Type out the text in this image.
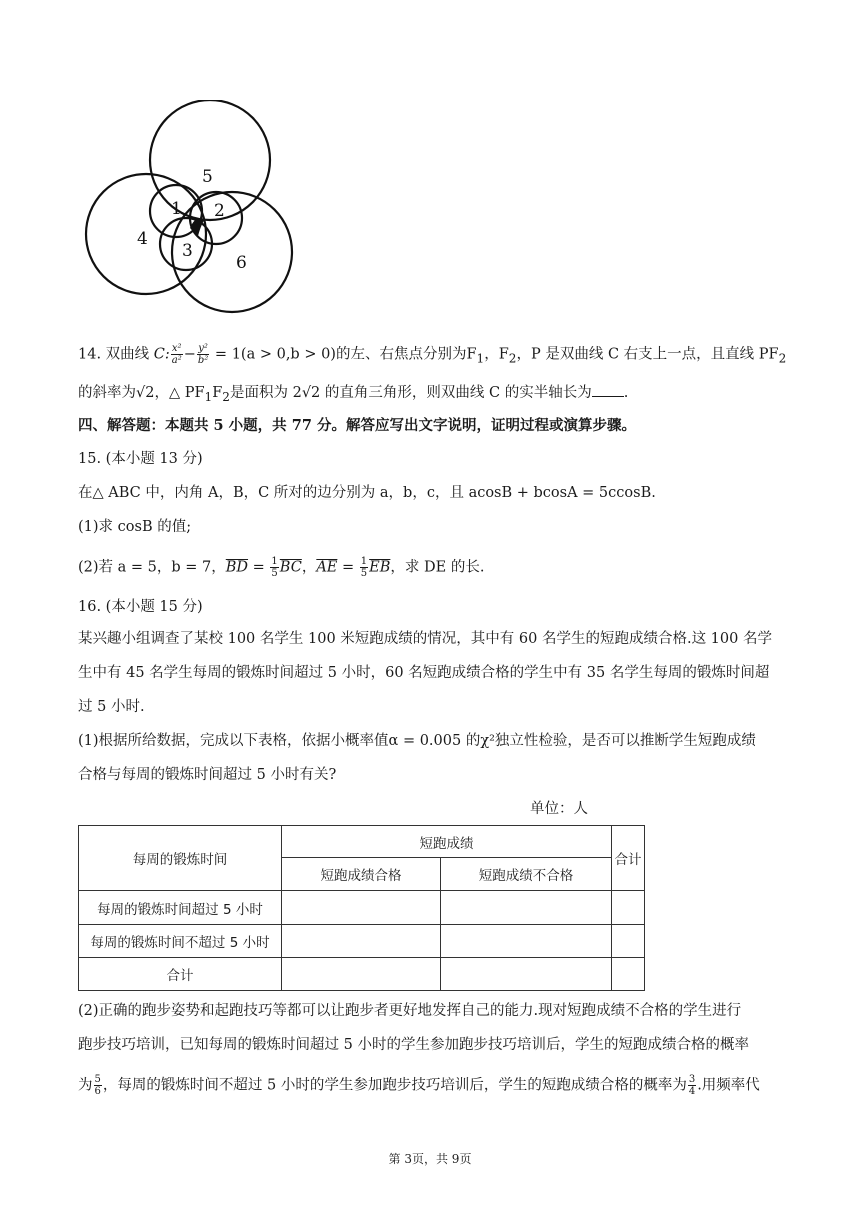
5
1 2
4
3
6
14. 双曲线 C: $\frac{\text{x²}}{\text{a²}} - \frac{\text{y²}}{\text{b²}} = 1(a > 0,b > 0)$的左、右焦点分别为$F_1$，$F_2$，P 是双曲线 C 右支上一点，且直线 $PF_2$
的斜率为√2，△ $PF_1F_2$是面积为 2√2 的直角三角形，则双曲线 C 的实半轴长为 .
四、解答题：本题共 5 小题，共 77 分。解答应写出文字说明，证明过程或演算步骤。
15. (本小题 13 分)
在△ ABC 中，内角 A，B，C 所对的边分别为 a，b，c，且 acosB + bcosA = 5ccosB.
(1)求 cosB 的值;
(2)若 a = 5，b = 7，$\overline{BD} = \frac{1}{5} \overline{BC}$，$\overline{AE} = \frac{1}{5} \overline{EB}$，求 DE 的长.
16. (本小题 15 分)
某兴趣小组调查了某校 100 名学生 100 米短跑成绩的情况，其中有 60 名学生的短跑成绩合格.这 100 名学
生中有 45 名学生每周的锻炼时间超过 5 小时，60 名短跑成绩合格的学生中有 35 名学生每周的锻炼时间超
过 5 小时.
(1)根据所给数据，完成以下表格，依据小概率值α = 0.005 的χ²独立性检验，是否可以推断学生短跑成绩
合格与每周的锻炼时间超过 5 小时有关?
单位：人
每周的锻炼时间	短跑成绩		合计
	短跑成绩合格	短跑成绩不合格	
每周的锻炼时间超过 5 小时			
每周的锻炼时间不超过 5 小时			
合计			
(2)正确的跑步姿势和起跑技巧等都可以让跑步者更好地发挥自己的能力.现对短跑成绩不合格的学生进行
跑步技巧培训，已知每周的锻炼时间超过 5 小时的学生参加跑步技巧培训后，学生的短跑成绩合格的概率
为 $\frac{5}{6}$ ，每周的锻炼时间不超过 5 小时的学生参加跑步技巧培训后，学生的短跑成绩合格的概率为 $\frac{3}{4}$ .用频率代
第 3页，共 9页
